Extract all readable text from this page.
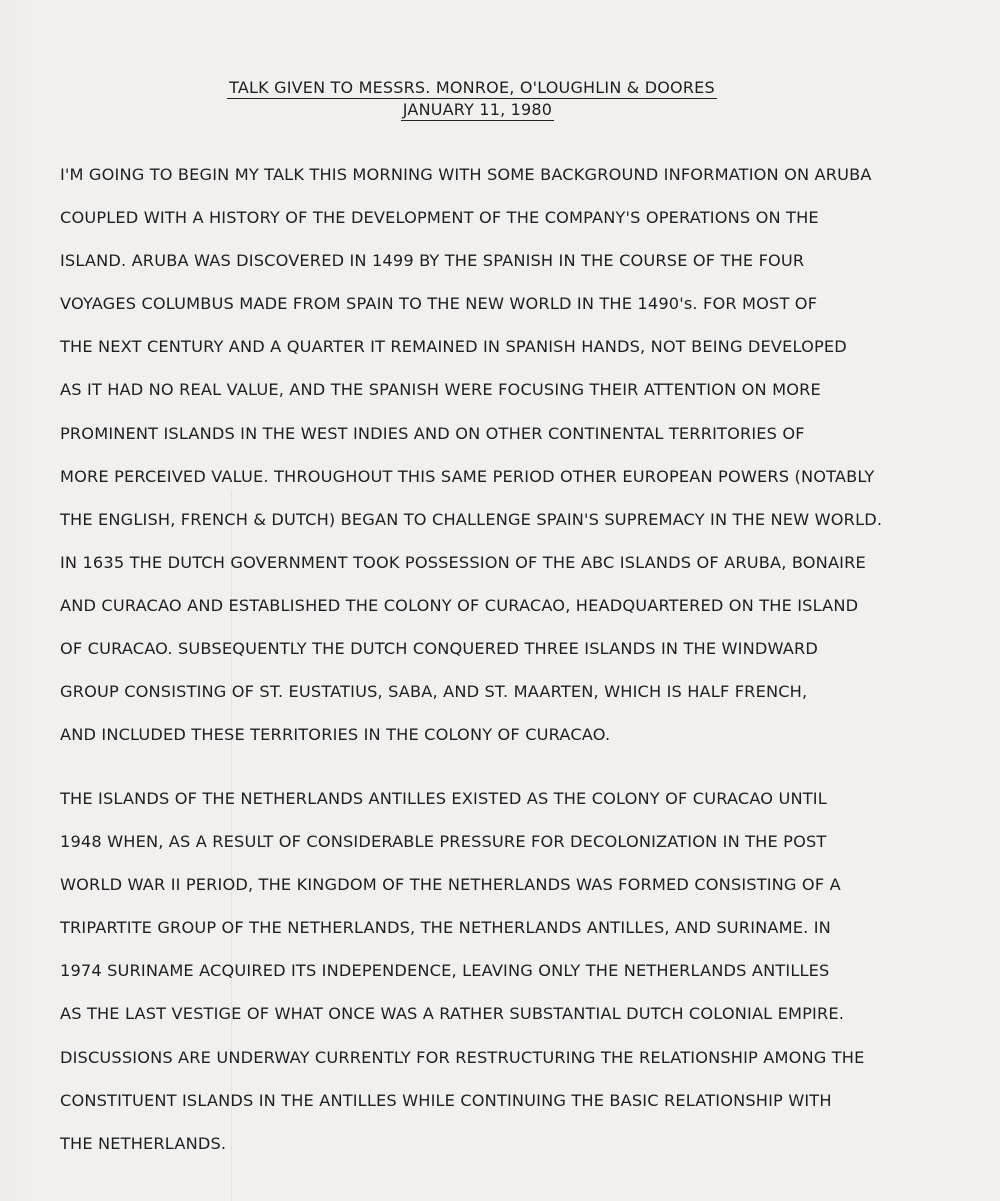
TALK GIVEN TO MESSRS. MONROE, O'LOUGHLIN & DOORES
JANUARY 11, 1980
I'M GOING TO BEGIN MY TALK THIS MORNING WITH SOME BACKGROUND INFORMATION ON ARUBA
COUPLED WITH A HISTORY OF THE DEVELOPMENT OF THE COMPANY'S OPERATIONS ON THE
ISLAND. ARUBA WAS DISCOVERED IN 1499 BY THE SPANISH IN THE COURSE OF THE FOUR
VOYAGES COLUMBUS MADE FROM SPAIN TO THE NEW WORLD IN THE 1490's. FOR MOST OF
THE NEXT CENTURY AND A QUARTER IT REMAINED IN SPANISH HANDS, NOT BEING DEVELOPED
AS IT HAD NO REAL VALUE, AND THE SPANISH WERE FOCUSING THEIR ATTENTION ON MORE
PROMINENT ISLANDS IN THE WEST INDIES AND ON OTHER CONTINENTAL TERRITORIES OF
MORE PERCEIVED VALUE. THROUGHOUT THIS SAME PERIOD OTHER EUROPEAN POWERS (NOTABLY
THE ENGLISH, FRENCH & DUTCH) BEGAN TO CHALLENGE SPAIN'S SUPREMACY IN THE NEW WORLD.
IN 1635 THE DUTCH GOVERNMENT TOOK POSSESSION OF THE ABC ISLANDS OF ARUBA, BONAIRE
AND CURACAO AND ESTABLISHED THE COLONY OF CURACAO, HEADQUARTERED ON THE ISLAND
OF CURACAO. SUBSEQUENTLY THE DUTCH CONQUERED THREE ISLANDS IN THE WINDWARD
GROUP CONSISTING OF ST. EUSTATIUS, SABA, AND ST. MAARTEN, WHICH IS HALF FRENCH,
AND INCLUDED THESE TERRITORIES IN THE COLONY OF CURACAO.
THE ISLANDS OF THE NETHERLANDS ANTILLES EXISTED AS THE COLONY OF CURACAO UNTIL
1948 WHEN, AS A RESULT OF CONSIDERABLE PRESSURE FOR DECOLONIZATION IN THE POST
WORLD WAR II PERIOD, THE KINGDOM OF THE NETHERLANDS WAS FORMED CONSISTING OF A
TRIPARTITE GROUP OF THE NETHERLANDS, THE NETHERLANDS ANTILLES, AND SURINAME. IN
1974 SURINAME ACQUIRED ITS INDEPENDENCE, LEAVING ONLY THE NETHERLANDS ANTILLES
AS THE LAST VESTIGE OF WHAT ONCE WAS A RATHER SUBSTANTIAL DUTCH COLONIAL EMPIRE.
DISCUSSIONS ARE UNDERWAY CURRENTLY FOR RESTRUCTURING THE RELATIONSHIP AMONG THE
CONSTITUENT ISLANDS IN THE ANTILLES WHILE CONTINUING THE BASIC RELATIONSHIP WITH
THE NETHERLANDS.
